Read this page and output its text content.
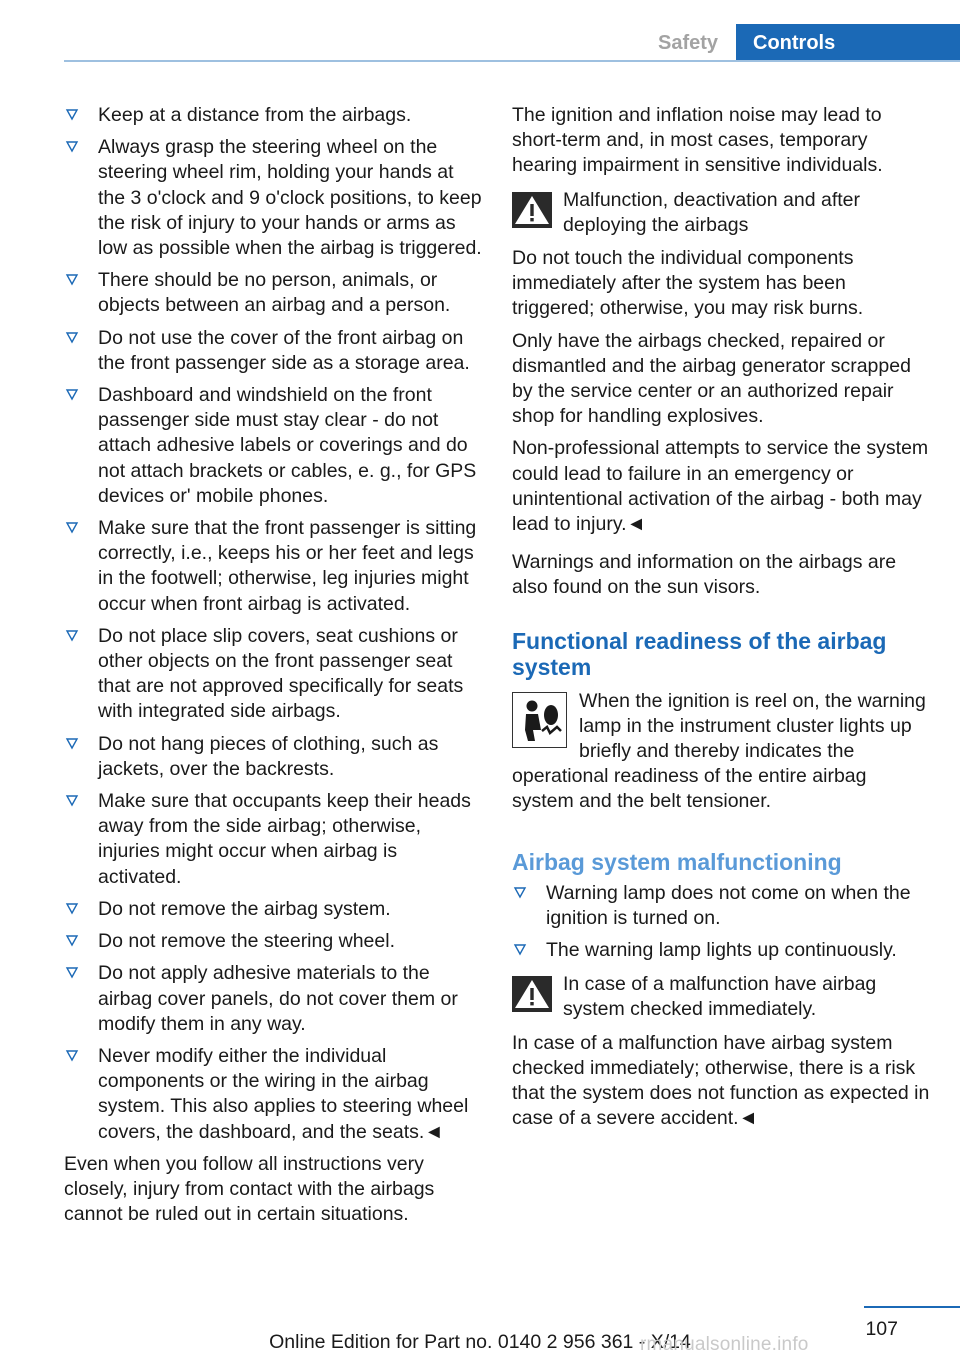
Safety	Controls
Keep at a distance from the airbags.
Always grasp the steering wheel on the steering wheel rim, holding your hands at the 3 o'clock and 9 o'clock positions, to keep the risk of injury to your hands or arms as low as possible when the airbag is triggered.
There should be no person, animals, or objects between an airbag and a person.
Do not use the cover of the front airbag on the front passenger side as a storage area.
Dashboard and windshield on the front passenger side must stay clear - do not attach adhesive labels or coverings and do not attach brackets or cables, e. g., for GPS devices or' mobile phones.
Make sure that the front passenger is sitting correctly, i.e., keeps his or her feet and legs in the footwell; otherwise, leg injuries might occur when front airbag is activated.
Do not place slip covers, seat cushions or other objects on the front passenger seat that are not approved specifically for seats with integrated side airbags.
Do not hang pieces of clothing, such as jackets, over the backrests.
Make sure that occupants keep their heads away from the side airbag; otherwise, injuries might occur when airbag is activated.
Do not remove the airbag system.
Do not remove the steering wheel.
Do not apply adhesive materials to the airbag cover panels, do not cover them or modify them in any way.
Never modify either the individual components or the wiring in the airbag system. This also applies to steering wheel covers, the dashboard, and the seats.◄

Even when you follow all instructions very closely, injury from contact with the airbags cannot be ruled out in certain situations.

The ignition and inflation noise may lead to short-term and, in most cases, temporary hearing impairment in sensitive individuals.

Malfunction, deactivation and after deploying the airbags

Do not touch the individual components immediately after the system has been triggered; otherwise, you may risk burns.

Only have the airbags checked, repaired or dismantled and the airbag generator scrapped by the service center or an authorized repair shop for handling explosives.

Non-professional attempts to service the system could lead to failure in an emergency or unintentional activation of the airbag - both may lead to injury.◄

Warnings and information on the airbags are also found on the sun visors.

Functional readiness of the airbag system
When the ignition is reel on, the warning lamp in the instrument cluster lights up briefly and thereby indicates the operational readiness of the entire airbag system and the belt tensioner.
Airbag system malfunctioning
Warning lamp does not come on when the ignition is turned on.
The warning lamp lights up continuously.
In case of a malfunction have airbag system checked immediately.

In case of a malfunction have airbag system checked immediately; otherwise, there is a risk that the system does not function as expected in case of a severe accident.◄

107
Online Edition for Part no. 0140 2 956 361 - X/14
rmanualsonline.info
